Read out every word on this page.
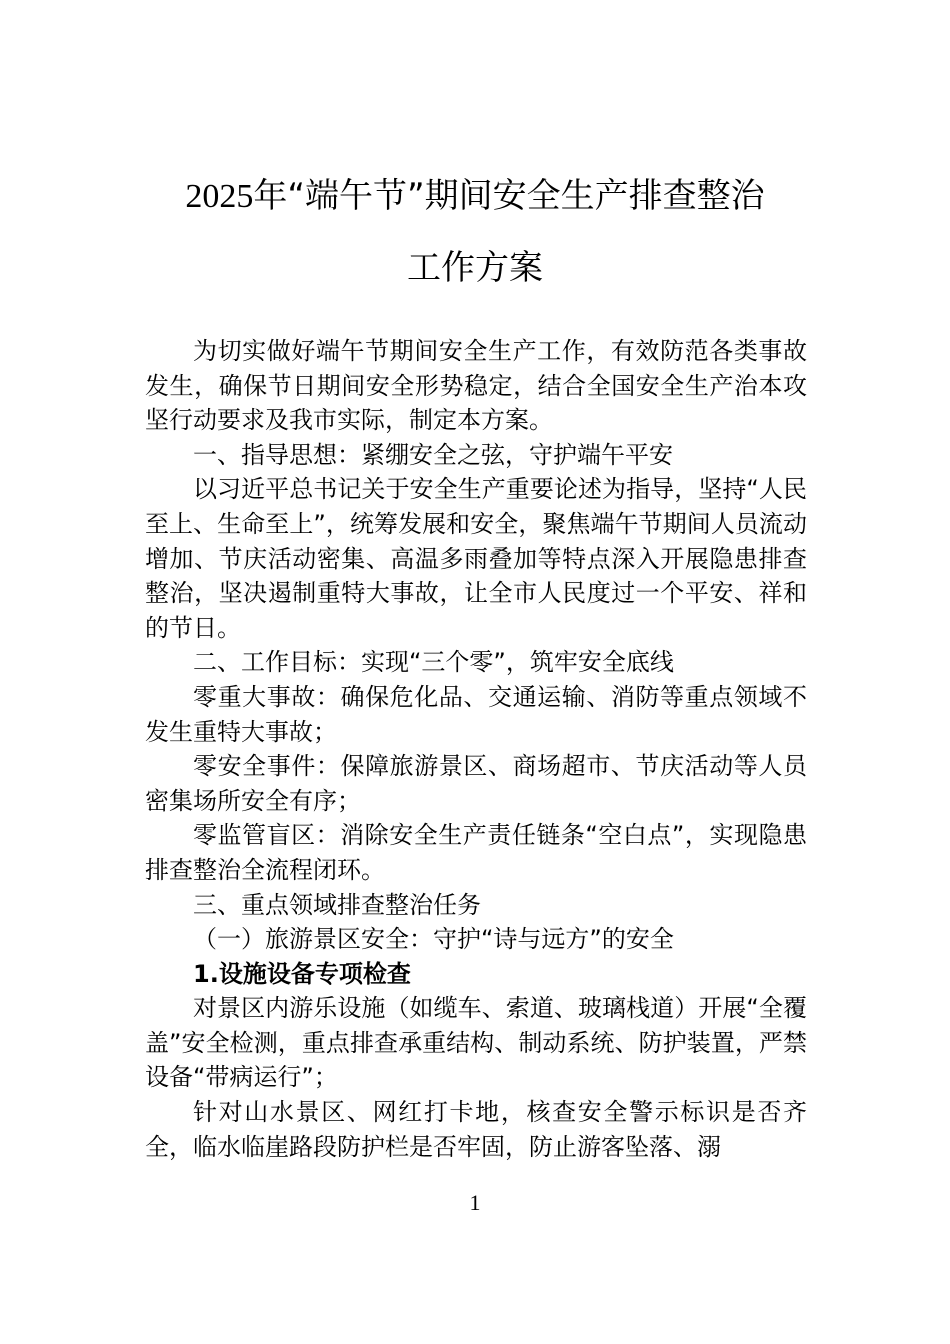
2025年“端午节”期间安全生产排查整治
工作方案

为切实做好端午节期间安全生产工作，有效防范各类事故发生，确保节日期间安全形势稳定，结合全国安全生产治本攻坚行动要求及我市实际，制定本方案。

一、指导思想：紧绷安全之弦，守护端午平安

以习近平总书记关于安全生产重要论述为指导，坚持“人民至上、生命至上”，统筹发展和安全，聚焦端午节期间人员流动增加、节庆活动密集、高温多雨叠加等特点深入开展隐患排查整治，坚决遏制重特大事故，让全市人民度过一个平安、祥和的节日。

二、工作目标：实现“三个零”，筑牢安全底线

零重大事故：确保危化品、交通运输、消防等重点领域不发生重特大事故；

零安全事件：保障旅游景区、商场超市、节庆活动等人员密集场所安全有序；

零监管盲区：消除安全生产责任链条“空白点”，实现隐患排查整治全流程闭环。

三、重点领域排查整治任务

（一）旅游景区安全：守护“诗与远方”的安全

1.设施设备专项检查

对景区内游乐设施（如缆车、索道、玻璃栈道）开展“全覆盖”安全检测，重点排查承重结构、制动系统、防护装置，严禁设备“带病运行”；

针对山水景区、网红打卡地，核查安全警示标识是否齐全，临水临崖路段防护栏是否牢固，防止游客坠落、溺

1
